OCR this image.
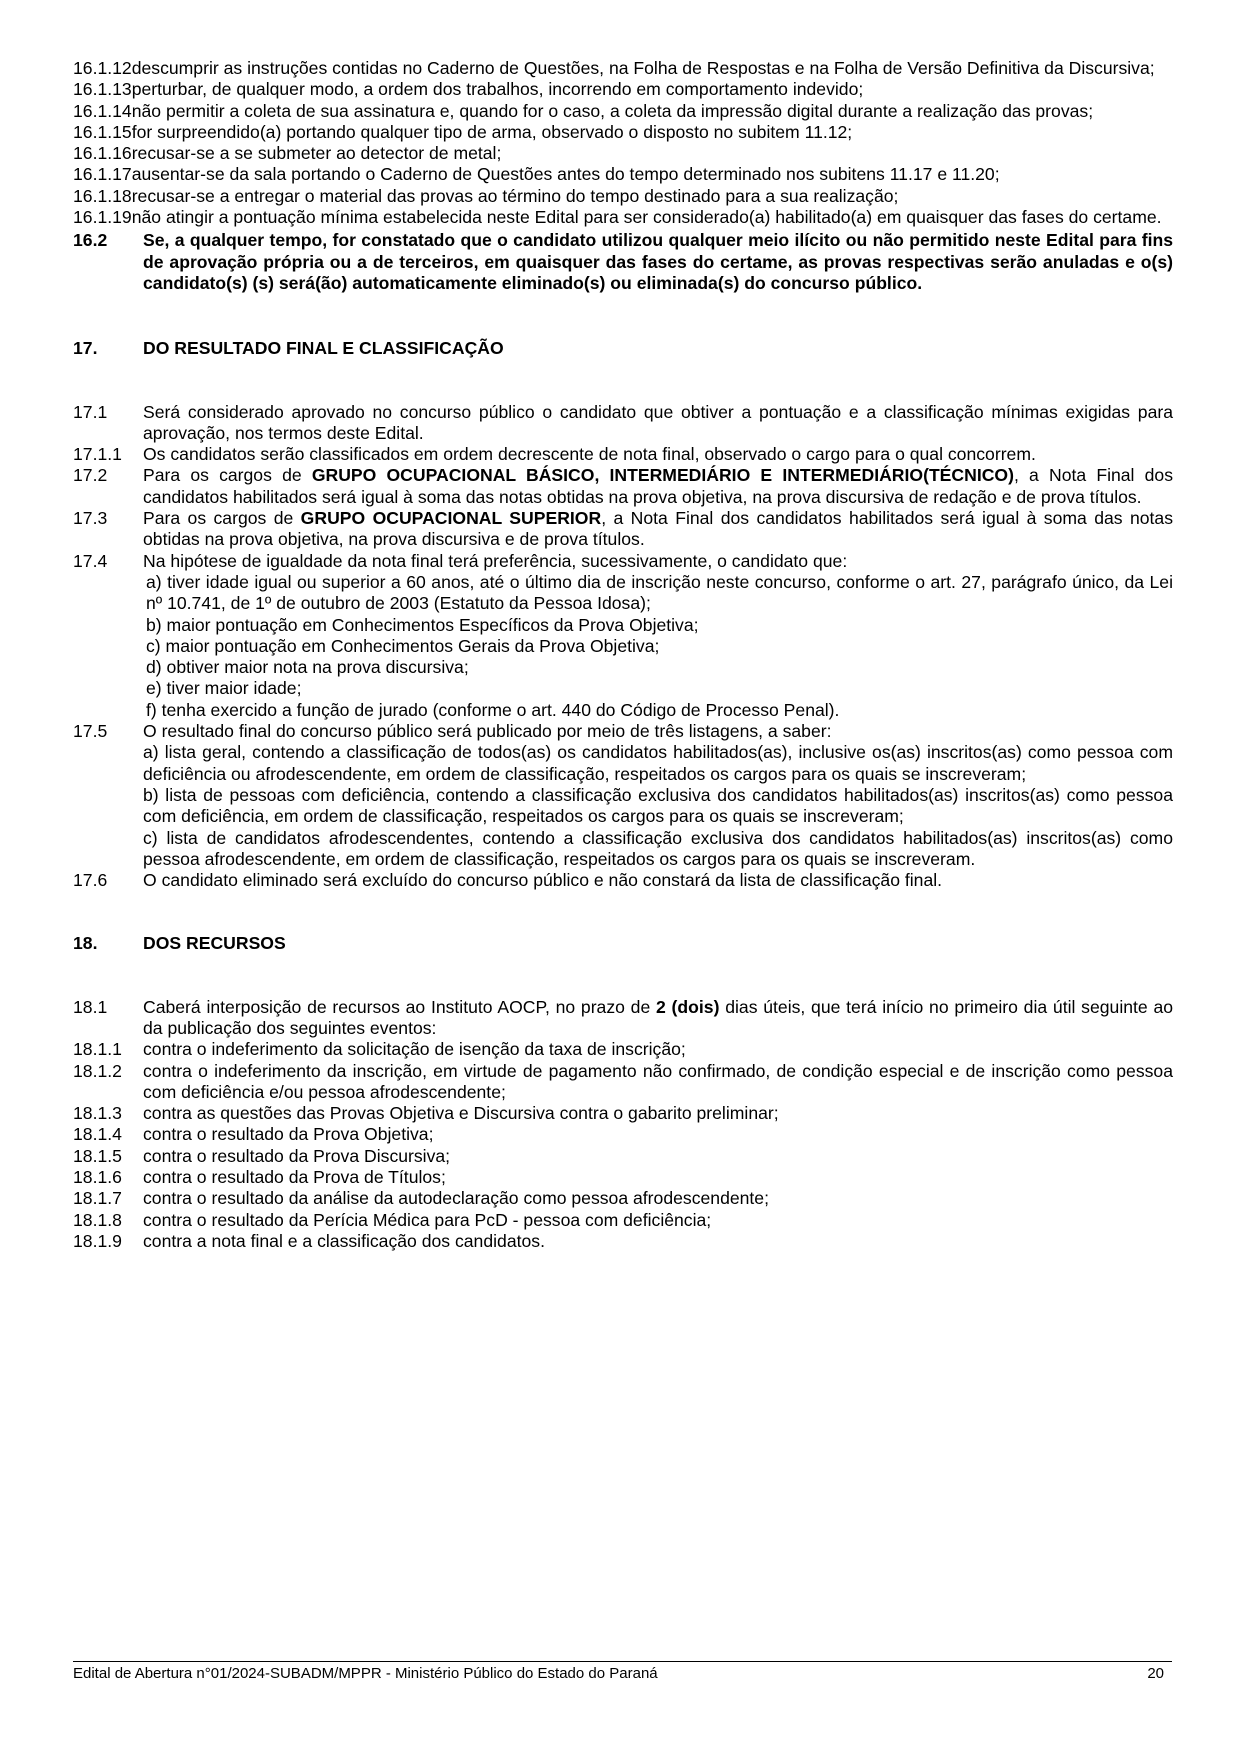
16.1.12descumprir as instruções contidas no Caderno de Questões, na Folha de Respostas e na Folha de Versão Definitiva da Discursiva;
16.1.13perturbar, de qualquer modo, a ordem dos trabalhos, incorrendo em comportamento indevido;
16.1.14não permitir a coleta de sua assinatura e, quando for o caso, a coleta da impressão digital durante a realização das provas;
16.1.15for surpreendido(a) portando qualquer tipo de arma, observado o disposto no subitem 11.12;
16.1.16recusar-se a se submeter ao detector de metal;
16.1.17ausentar-se da sala portando o Caderno de Questões antes do tempo determinado nos subitens 11.17 e 11.20;
16.1.18recusar-se a entregar o material das provas ao término do tempo destinado para a sua realização;
16.1.19não atingir a pontuação mínima estabelecida neste Edital para ser considerado(a) habilitado(a) em quaisquer das fases do certame.
16.2	Se, a qualquer tempo, for constatado que o candidato utilizou qualquer meio ilícito ou não permitido neste Edital para fins de aprovação própria ou a de terceiros, em quaisquer das fases do certame, as provas respectivas serão anuladas e o(s) candidato(s) (s) será(ão) automaticamente eliminado(s) ou eliminada(s) do concurso público.
17.	DO RESULTADO FINAL E CLASSIFICAÇÃO
17.1	Será considerado aprovado no concurso público o candidato que obtiver a pontuação e a classificação mínimas exigidas para aprovação, nos termos deste Edital.
17.1.1	Os candidatos serão classificados em ordem decrescente de nota final, observado o cargo para o qual concorrem.
17.2	Para os cargos de GRUPO OCUPACIONAL BÁSICO, INTERMEDIÁRIO E INTERMEDIÁRIO(TÉCNICO), a Nota Final dos candidatos habilitados será igual à soma das notas obtidas na prova objetiva, na prova discursiva de redação e de prova títulos.
17.3	Para os cargos de GRUPO OCUPACIONAL SUPERIOR, a Nota Final dos candidatos habilitados será igual à soma das notas obtidas na prova objetiva, na prova discursiva e de prova títulos.
17.4	Na hipótese de igualdade da nota final terá preferência, sucessivamente, o candidato que:
a) tiver idade igual ou superior a 60 anos, até o último dia de inscrição neste concurso, conforme o art. 27, parágrafo único, da Lei nº 10.741, de 1º de outubro de 2003 (Estatuto da Pessoa Idosa);
b) maior pontuação em Conhecimentos Específicos da Prova Objetiva;
c) maior pontuação em Conhecimentos Gerais da Prova Objetiva;
d) obtiver maior nota na prova discursiva;
e) tiver maior idade;
f) tenha exercido a função de jurado (conforme o art. 440 do Código de Processo Penal).
17.5	O resultado final do concurso público será publicado por meio de três listagens, a saber:
a) lista geral, contendo a classificação de todos(as) os candidatos habilitados(as), inclusive os(as) inscritos(as) como pessoa com deficiência ou afrodescendente, em ordem de classificação, respeitados os cargos para os quais se inscreveram;
b) lista de pessoas com deficiência, contendo a classificação exclusiva dos candidatos habilitados(as) inscritos(as) como pessoa com deficiência, em ordem de classificação, respeitados os cargos para os quais se inscreveram;
c) lista de candidatos afrodescendentes, contendo a classificação exclusiva dos candidatos habilitados(as) inscritos(as) como pessoa afrodescendente, em ordem de classificação, respeitados os cargos para os quais se inscreveram.
17.6	O candidato eliminado será excluído do concurso público e não constará da lista de classificação final.
18.	DOS RECURSOS
18.1	Caberá interposição de recursos ao Instituto AOCP, no prazo de 2 (dois) dias úteis, que terá início no primeiro dia útil seguinte ao da publicação dos seguintes eventos:
18.1.1	contra o indeferimento da solicitação de isenção da taxa de inscrição;
18.1.2	contra o indeferimento da inscrição, em virtude de pagamento não confirmado, de condição especial e de inscrição como pessoa com deficiência e/ou pessoa afrodescendente;
18.1.3	contra as questões das Provas Objetiva e Discursiva contra o gabarito preliminar;
18.1.4	contra o resultado da Prova Objetiva;
18.1.5	contra o resultado da Prova Discursiva;
18.1.6	contra o resultado da Prova de Títulos;
18.1.7	contra o resultado da análise da autodeclaração como pessoa afrodescendente;
18.1.8	contra o resultado da Perícia Médica para PcD - pessoa com deficiência;
18.1.9	contra a nota final e a classificação dos candidatos.
Edital de Abertura n°01/2024-SUBADM/MPPR - Ministério Público do Estado do Paraná	20
